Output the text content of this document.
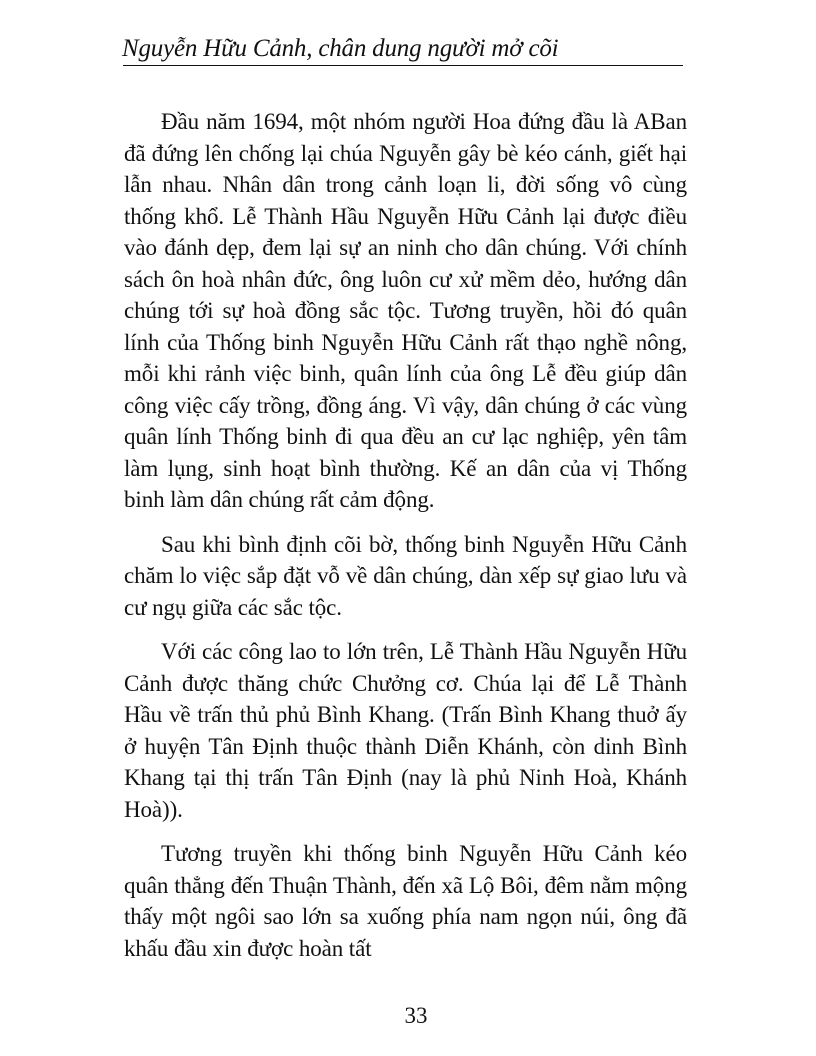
Nguyễn Hữu Cảnh, chân dung người mở cõi

Đầu năm 1694, một nhóm người Hoa đứng đầu là ABan đã đứng lên chống lại chúa Nguyễn gây bè kéo cánh, giết hại lẫn nhau. Nhân dân trong cảnh loạn li, đời sống vô cùng thống khổ. Lễ Thành Hầu Nguyễn Hữu Cảnh lại được điều vào đánh dẹp, đem lại sự an ninh cho dân chúng. Với chính sách ôn hoà nhân đức, ông luôn cư xử mềm dẻo, hướng dân chúng tới sự hoà đồng sắc tộc. Tương truyền, hồi đó quân lính của Thống binh Nguyễn Hữu Cảnh rất thạo nghề nông, mỗi khi rảnh việc binh, quân lính của ông Lễ đều giúp dân công việc cấy trồng, đồng áng. Vì vậy, dân chúng ở các vùng quân lính Thống binh đi qua đều an cư lạc nghiệp, yên tâm làm lụng, sinh hoạt bình thường. Kế an dân của vị Thống binh làm dân chúng rất cảm động.

Sau khi bình định cõi bờ, thống binh Nguyễn Hữu Cảnh chăm lo việc sắp đặt vỗ về dân chúng, dàn xếp sự giao lưu và cư ngụ giữa các sắc tộc.

Với các công lao to lớn trên, Lễ Thành Hầu Nguyễn Hữu Cảnh được thăng chức Chưởng cơ. Chúa lại để Lễ Thành Hầu về trấn thủ phủ Bình Khang. (Trấn Bình Khang thuở ấy ở huyện Tân Định thuộc thành Diễn Khánh, còn dinh Bình Khang tại thị trấn Tân Định (nay là phủ Ninh Hoà, Khánh Hoà)).

Tương truyền khi thống binh Nguyễn Hữu Cảnh kéo quân thẳng đến Thuận Thành, đến xã Lộ Bôi, đêm nằm mộng thấy một ngôi sao lớn sa xuống phía nam ngọn núi, ông đã khấu đầu xin được hoàn tất

33
